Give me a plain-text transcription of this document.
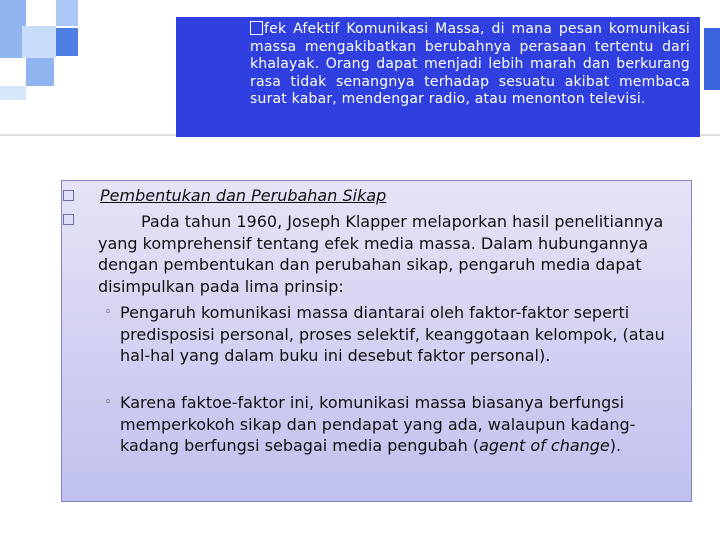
fek Afektif Komunikasi Massa, di mana pesan komunikasi massa mengakibatkan berubahnya perasaan tertentu dari khalayak. Orang dapat menjadi lebih marah dan berkurang rasa tidak senangnya terhadap sesuatu akibat membaca surat kabar, mendengar radio, atau menonton televisi.
Pembentukan dan Perubahan Sikap
Pada tahun 1960, Joseph Klapper melaporkan hasil penelitiannya yang komprehensif tentang efek media massa. Dalam hubungannya dengan pembentukan dan perubahan sikap, pengaruh media dapat disimpulkan pada lima prinsip:
◦ Pengaruh komunikasi massa diantarai oleh faktor-faktor seperti predisposisi personal, proses selektif, keanggotaan kelompok, (atau hal-hal yang dalam buku ini desebut faktor personal).
◦ Karena faktoe-faktor ini, komunikasi massa biasanya berfungsi memperkokoh sikap dan pendapat yang ada, walaupun kadang-kadang berfungsi sebagai media pengubah (agent of change).
